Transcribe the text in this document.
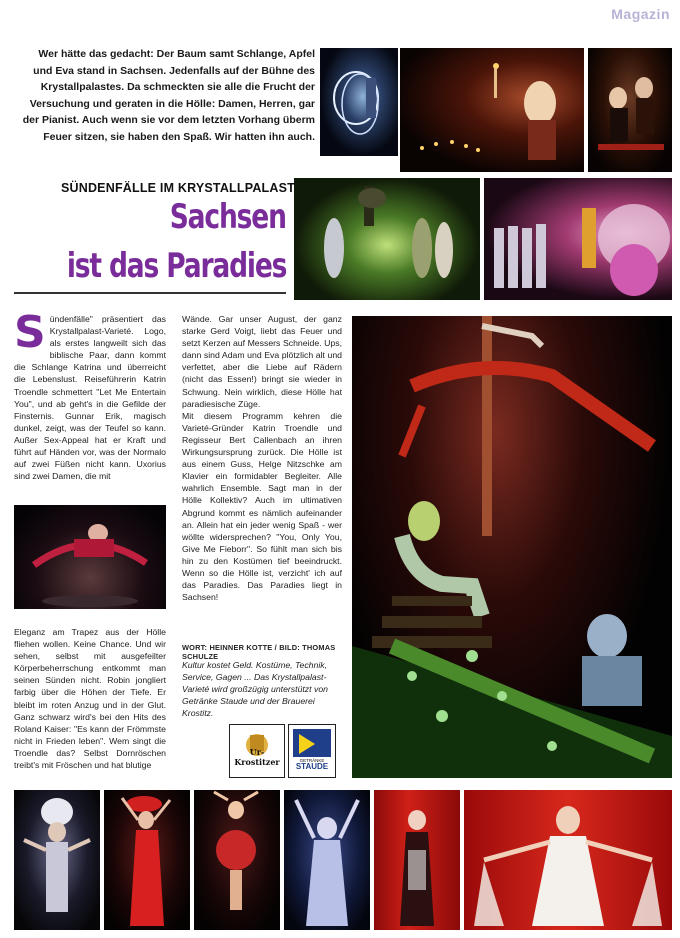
Magazin
Wer hätte das gedacht: Der Baum samt Schlange, Apfel und Eva stand in Sachsen. Jedenfalls auf der Bühne des Krystallpalastes. Da schmeckten sie alle die Frucht der Versuchung und geraten in die Hölle: Damen, Herren, gar der Pianist. Auch wenn sie vor dem letzten Vorhang überm Feuer sitzen, sie haben den Spaß. Wir hatten ihn auch.
SÜNDENFÄLLE IM KRYSTALLPALAST
Sachsen
ist das Paradies
Sündenfälle" präsentiert das Krystallpalast-Varieté. Logo, als erstes langweilt sich das biblische Paar, dann kommt die Schlange Katrina und überreicht die Lebenslust. Reiseführerin Katrin Troendle schmettert "Let Me Entertain You", und ab geht's in die Gefilde der Finsternis. Gunnar Erik, magisch dunkel, zeigt, was der Teufel so kann. Außer Sex-Appeal hat er Kraft und führt auf Händen vor, was der Normalo auf zwei Füßen nicht kann. Uxorius sind zwei Damen, die mit
Eleganz am Trapez aus der Hölle fliehen wollen. Keine Chance. Und wir sehen, selbst mit ausgefeilter Körperbeherrschung entkommt man seinen Sünden nicht. Robin jongliert farbig über die Höhen der Tiefe. Er bleibt im roten Anzug und in der Glut. Ganz schwarz wird's bei den Hits des Roland Kaiser: "Es kann der Frömmste nicht in Frieden leben". Wem singt die Troendle das? Selbst Dornröschen treibt's mit Fröschen und hat blutige
Wände. Gar unser August, der ganz starke Gerd Voigt, liebt das Feuer und setzt Kerzen auf Messers Schneide. Ups, dann sind Adam und Eva plötzlich alt und verfettet, aber die Liebe auf Rädern (nicht das Essen!) bringt sie wieder in Schwung. Nein wirklich, diese Hölle hat paradiesische Züge.
Mit diesem Programm kehren die Varieté-Gründer Katrin Troendle und Regisseur Bert Callenbach an ihren Wirkungsursprung zurück. Die Hölle ist aus einem Guss, Helge Nitzschke am Klavier ein formidabler Begleiter. Alle wahrlich Ensemble. Sagt man in der Hölle Kollektiv? Auch im ultimativen Abgrund kommt es nämlich aufeinander an. Allein hat ein jeder wenig Spaß - wer wöllte widersprechen? "You, Only You, Give Me Fieborr". So fühlt man sich bis hin zu den Kostümen tief beeindruckt. Wenn so die Hölle ist, verzicht' ich auf das Paradies. Das Paradies liegt in Sachsen!
WORT: HEINNER KOTTE / BILD: THOMAS SCHULZE
Kultur kostet Geld. Kostüme, Technik, Service, Gagen ... Das Krystallpalast-Varieté wird großzügig unterstützt von Getränke Staude und der Brauerei Krostitz.
Ur-Krostitzer	GETRÄNKE
STAUDE
